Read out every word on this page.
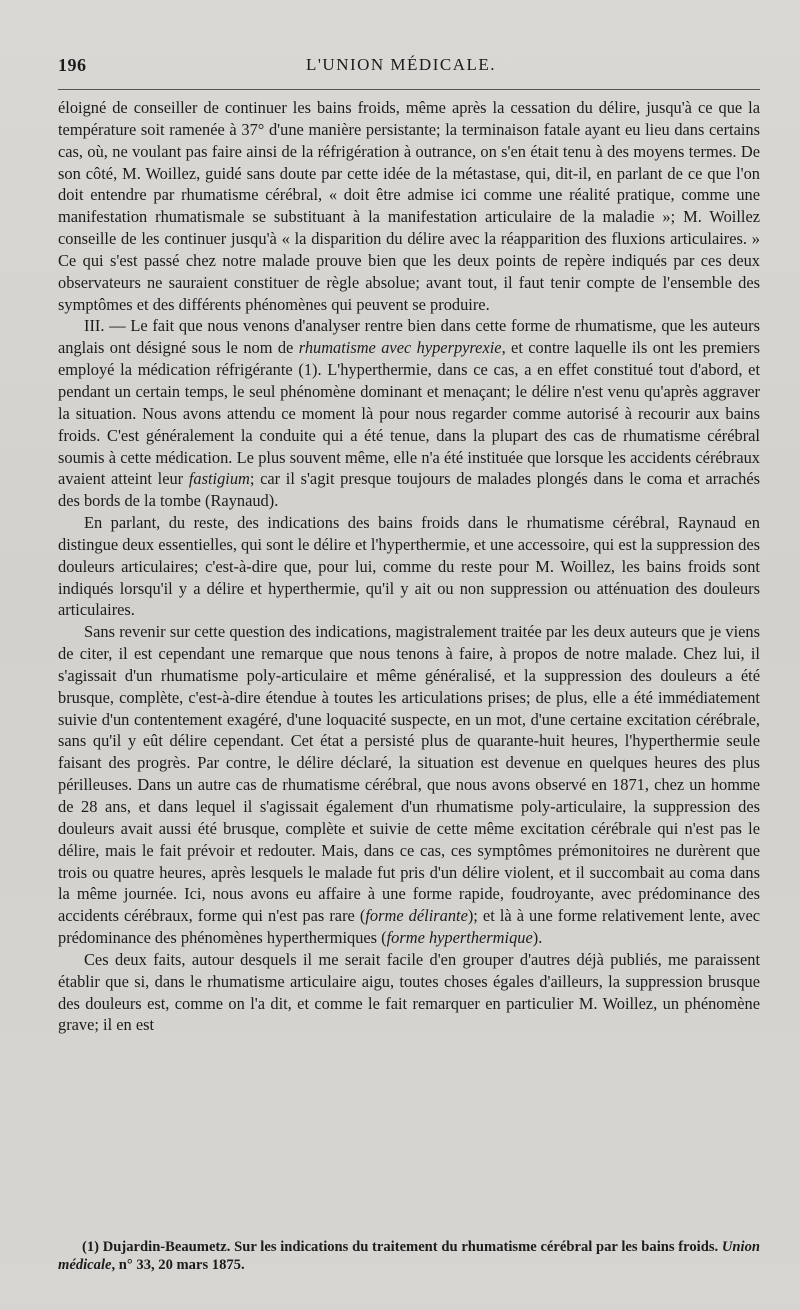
196	L'UNION MÉDICALE.

éloigné de conseiller de continuer les bains froids, même après la cessation du délire, jusqu'à ce que la température soit ramenée à 37° d'une manière persistante; la terminaison fatale ayant eu lieu dans certains cas, où, ne voulant pas faire ainsi de la réfrigération à outrance, on s'en était tenu à des moyens termes. De son côté, M. Woillez, guidé sans doute par cette idée de la métastase, qui, dit-il, en parlant de ce que l'on doit entendre par rhumatisme cérébral, « doit être admise ici comme une réalité pratique, comme une manifestation rhumatismale se substituant à la manifestation articulaire de la maladie »; M. Woillez conseille de les continuer jusqu'à « la disparition du délire avec la réapparition des fluxions articulaires. » Ce qui s'est passé chez notre malade prouve bien que les deux points de repère indiqués par ces deux observateurs ne sauraient constituer de règle absolue; avant tout, il faut tenir compte de l'ensemble des symptômes et des différents phénomènes qui peuvent se produire.

III. — Le fait que nous venons d'analyser rentre bien dans cette forme de rhumatisme, que les auteurs anglais ont désigné sous le nom de rhumatisme avec hyperpyrexie, et contre laquelle ils ont les premiers employé la médication réfrigérante (1). L'hyperthermie, dans ce cas, a en effet constitué tout d'abord, et pendant un certain temps, le seul phénomène dominant et menaçant; le délire n'est venu qu'après aggraver la situation. Nous avons attendu ce moment là pour nous regarder comme autorisé à recourir aux bains froids. C'est généralement la conduite qui a été tenue, dans la plupart des cas de rhumatisme cérébral soumis à cette médication. Le plus souvent même, elle n'a été instituée que lorsque les accidents cérébraux avaient atteint leur fastigium; car il s'agit presque toujours de malades plongés dans le coma et arrachés des bords de la tombe (Raynaud).

En parlant, du reste, des indications des bains froids dans le rhumatisme cérébral, Raynaud en distingue deux essentielles, qui sont le délire et l'hyperthermie, et une accessoire, qui est la suppression des douleurs articulaires; c'est-à-dire que, pour lui, comme du reste pour M. Woillez, les bains froids sont indiqués lorsqu'il y a délire et hyperthermie, qu'il y ait ou non suppression ou atténuation des douleurs articulaires.

Sans revenir sur cette question des indications, magistralement traitée par les deux auteurs que je viens de citer, il est cependant une remarque que nous tenons à faire, à propos de notre malade. Chez lui, il s'agissait d'un rhumatisme poly-articulaire et même généralisé, et la suppression des douleurs a été brusque, complète, c'est-à-dire étendue à toutes les articulations prises; de plus, elle a été immédiatement suivie d'un contentement exagéré, d'une loquacité suspecte, en un mot, d'une certaine excitation cérébrale, sans qu'il y eût délire cependant. Cet état a persisté plus de quarante-huit heures, l'hyperthermie seule faisant des progrès. Par contre, le délire déclaré, la situation est devenue en quelques heures des plus périlleuses. Dans un autre cas de rhumatisme cérébral, que nous avons observé en 1871, chez un homme de 28 ans, et dans lequel il s'agissait également d'un rhumatisme poly-articulaire, la suppression des douleurs avait aussi été brusque, complète et suivie de cette même excitation cérébrale qui n'est pas le délire, mais le fait prévoir et redouter. Mais, dans ce cas, ces symptômes prémonitoires ne durèrent que trois ou quatre heures, après lesquels le malade fut pris d'un délire violent, et il succombait au coma dans la même journée. Ici, nous avons eu affaire à une forme rapide, foudroyante, avec prédominance des accidents cérébraux, forme qui n'est pas rare (forme délirante); et là à une forme relativement lente, avec prédominance des phénomènes hyperthermiques (forme hyperthermique).

Ces deux faits, autour desquels il me serait facile d'en grouper d'autres déjà publiés, me paraissent établir que si, dans le rhumatisme articulaire aigu, toutes choses égales d'ailleurs, la suppression brusque des douleurs est, comme on l'a dit, et comme le fait remarquer en particulier M. Woillez, un phénomène grave; il en est

(1) Dujardin-Beaumetz. Sur les indications du traitement du rhumatisme cérébral par les bains froids. Union médicale, n° 33, 20 mars 1875.
